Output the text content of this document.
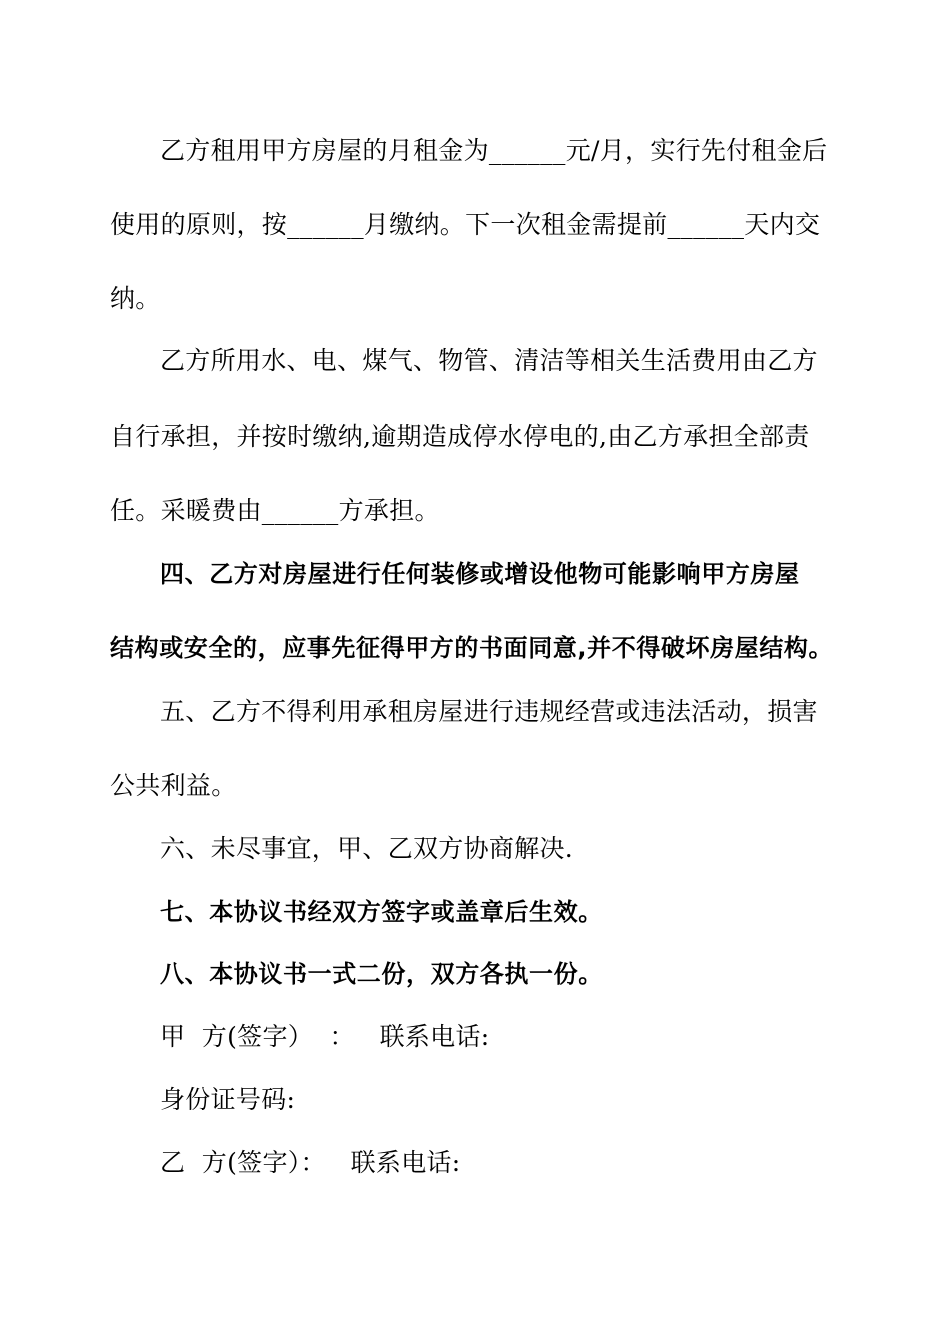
乙方租用甲方房屋的月租金为______元/月，实行先付租金后
使用的原则，按______月缴纳。下一次租金需提前______天内交
纳。
乙方所用水、电、煤气、物管、清洁等相关生活费用由乙方
自行承担，并按时缴纳,逾期造成停水停电的,由乙方承担全部责
任。采暖费由______方承担。
四、乙方对房屋进行任何装修或增设他物可能影响甲方房屋
结构或安全的，应事先征得甲方的书面同意,并不得破坏房屋结构。
五、乙方不得利用承租房屋进行违规经营或违法活动，损害
公共利益。
六、未尽事宜，甲、乙双方协商解决.
七、本协议书经双方签字或盖章后生效。
八、本协议书一式二份，双方各执一份。
甲  方(签字）  ：   联系电话:
身份证号码:
乙  方(签字）：   联系电话:
